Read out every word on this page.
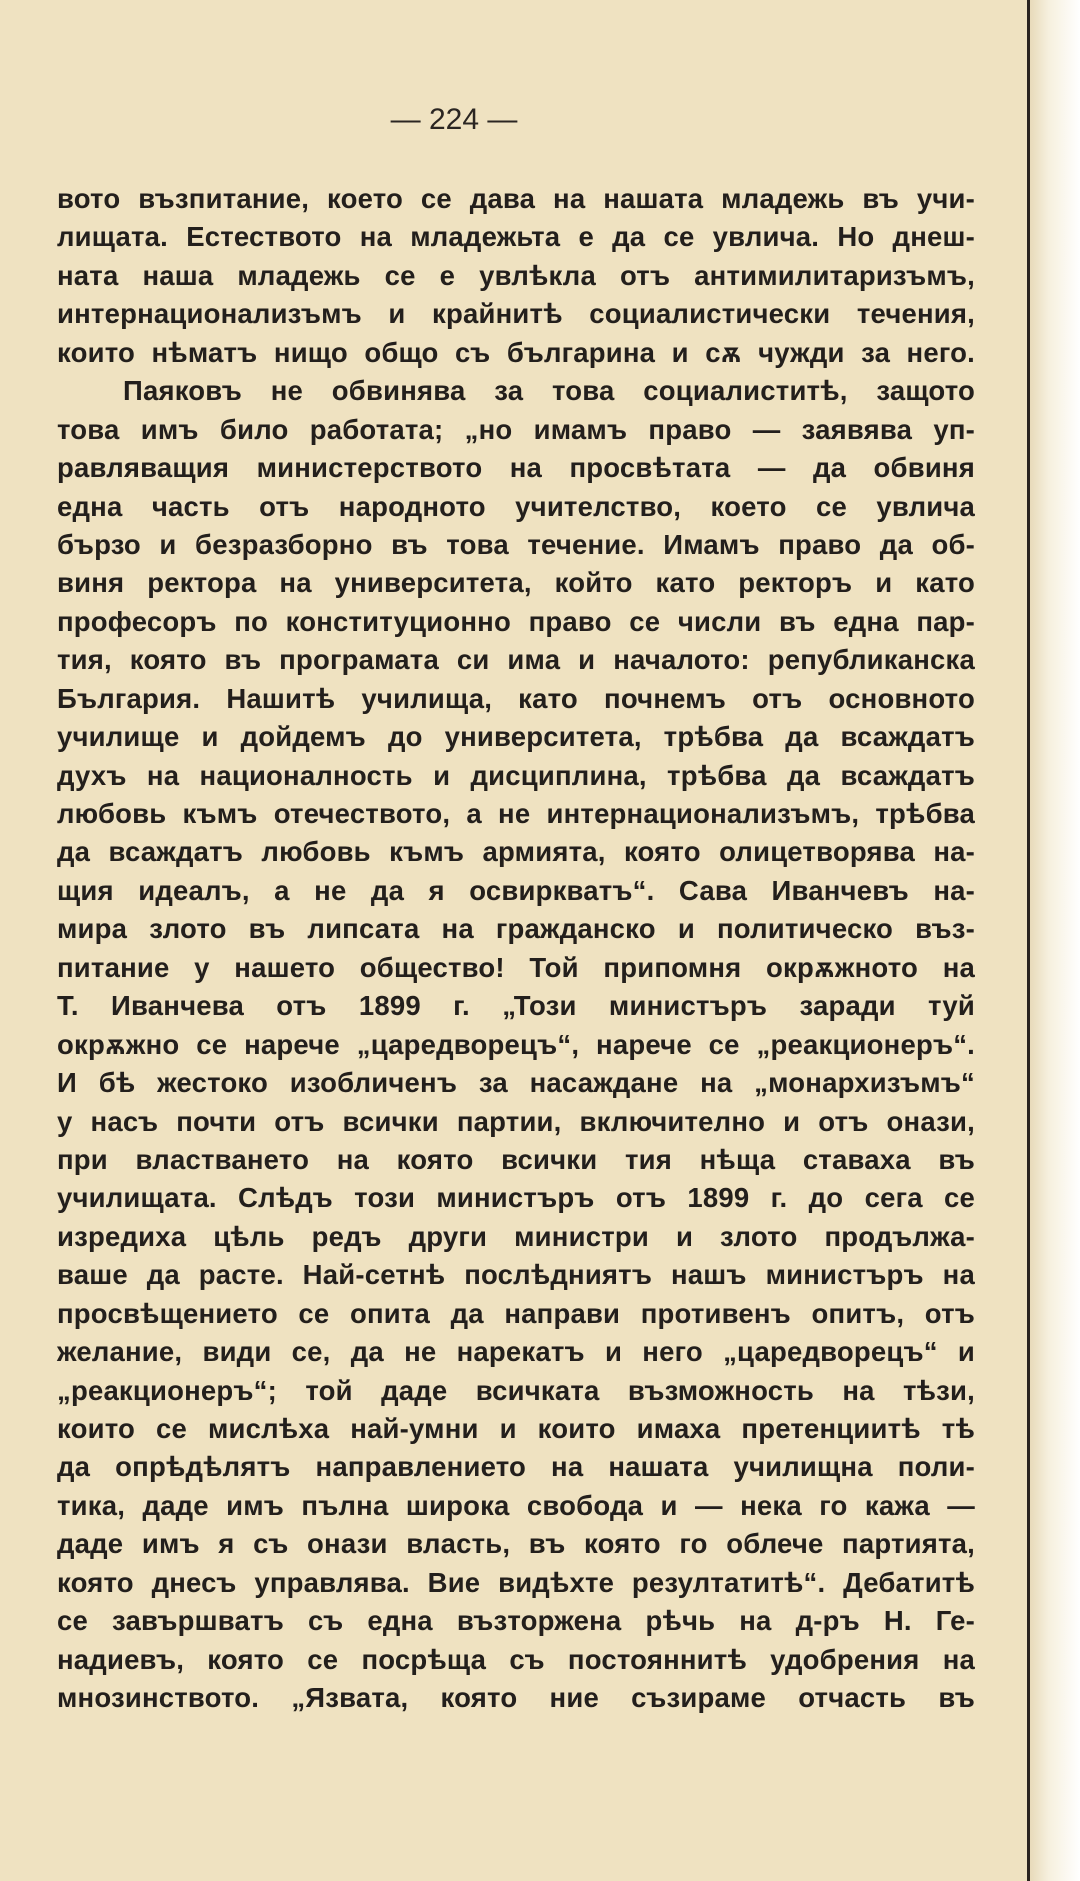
— 224 —
вото възпитание, което се дава на нашата младежь въ учи-
лищата. Естеството на младежьта е да се увлича. Но днеш-
ната наша младежь се е увлѣкла отъ антимилитаризъмъ,
интернационализъмъ и крайнитѣ социалистически течения,
които нѣматъ нищо общо съ българина и сѫ чужди за него.
Паяковъ не обвинява за това социалиститѣ, защото
това имъ било работата; „но имамъ право — заявява уп-
равляващия министерството на просвѣтата — да обвиня
една часть отъ народното учителство, което се увлича
бързо и безразборно въ това течение. Имамъ право да об-
виня ректора на университета, който като ректоръ и като
професоръ по конституционно право се числи въ една пар-
тия, която въ програмата си има и началото: републиканска
България. Нашитѣ училища, като почнемъ отъ основното
училище и дойдемъ до университета, трѣбва да всаждатъ
духъ на националность и дисциплина, трѣбва да всаждатъ
любовь къмъ отечеството, а не интернационализъмъ, трѣбва
да всаждатъ любовь къмъ армията, която олицетворява на-
щия идеалъ, а не да я освиркватъ“. Сава Иванчевъ на-
мира злото въ липсата на гражданско и политическо въз-
питание у нашето общество! Той припомня окрѫжното на
Т. Иванчева отъ 1899 г. „Този министъръ заради туй
окрѫжно се нарече „царедворецъ“, нарече се „реакционеръ“.
И бѣ жестоко изобличенъ за насаждане на „монархизъмъ“
у насъ почти отъ всички партии, включително и отъ онази,
при властването на която всички тия нѣща ставаха въ
училищата. Слѣдъ този министъръ отъ 1899 г. до сега се
изредиха цѣль редъ други министри и злото продължа-
ваше да расте. Най-сетнѣ послѣдниятъ нашъ министъръ на
просвѣщението се опита да направи противенъ опитъ, отъ
желание, види се, да не нарекатъ и него „царедворецъ“ и
„реакционеръ“; той даде всичката възможность на тѣзи,
които се мислѣха най-умни и които имаха претенциитѣ тѣ
да опрѣдѣлятъ направлението на нашата училищна поли-
тика, даде имъ пълна широка свобода и — нека го кажа —
даде имъ я съ онази власть, въ която го облече партията,
която днесъ управлява. Вие видѣхте резултатитѣ“. Дебатитѣ
се завършватъ съ една възторжена рѣчь на д-ръ Н. Ге-
надиевъ, която се посрѣща съ постояннитѣ удобрения на
мнозинството. „Язвата, която ние съзираме отчасть въ
